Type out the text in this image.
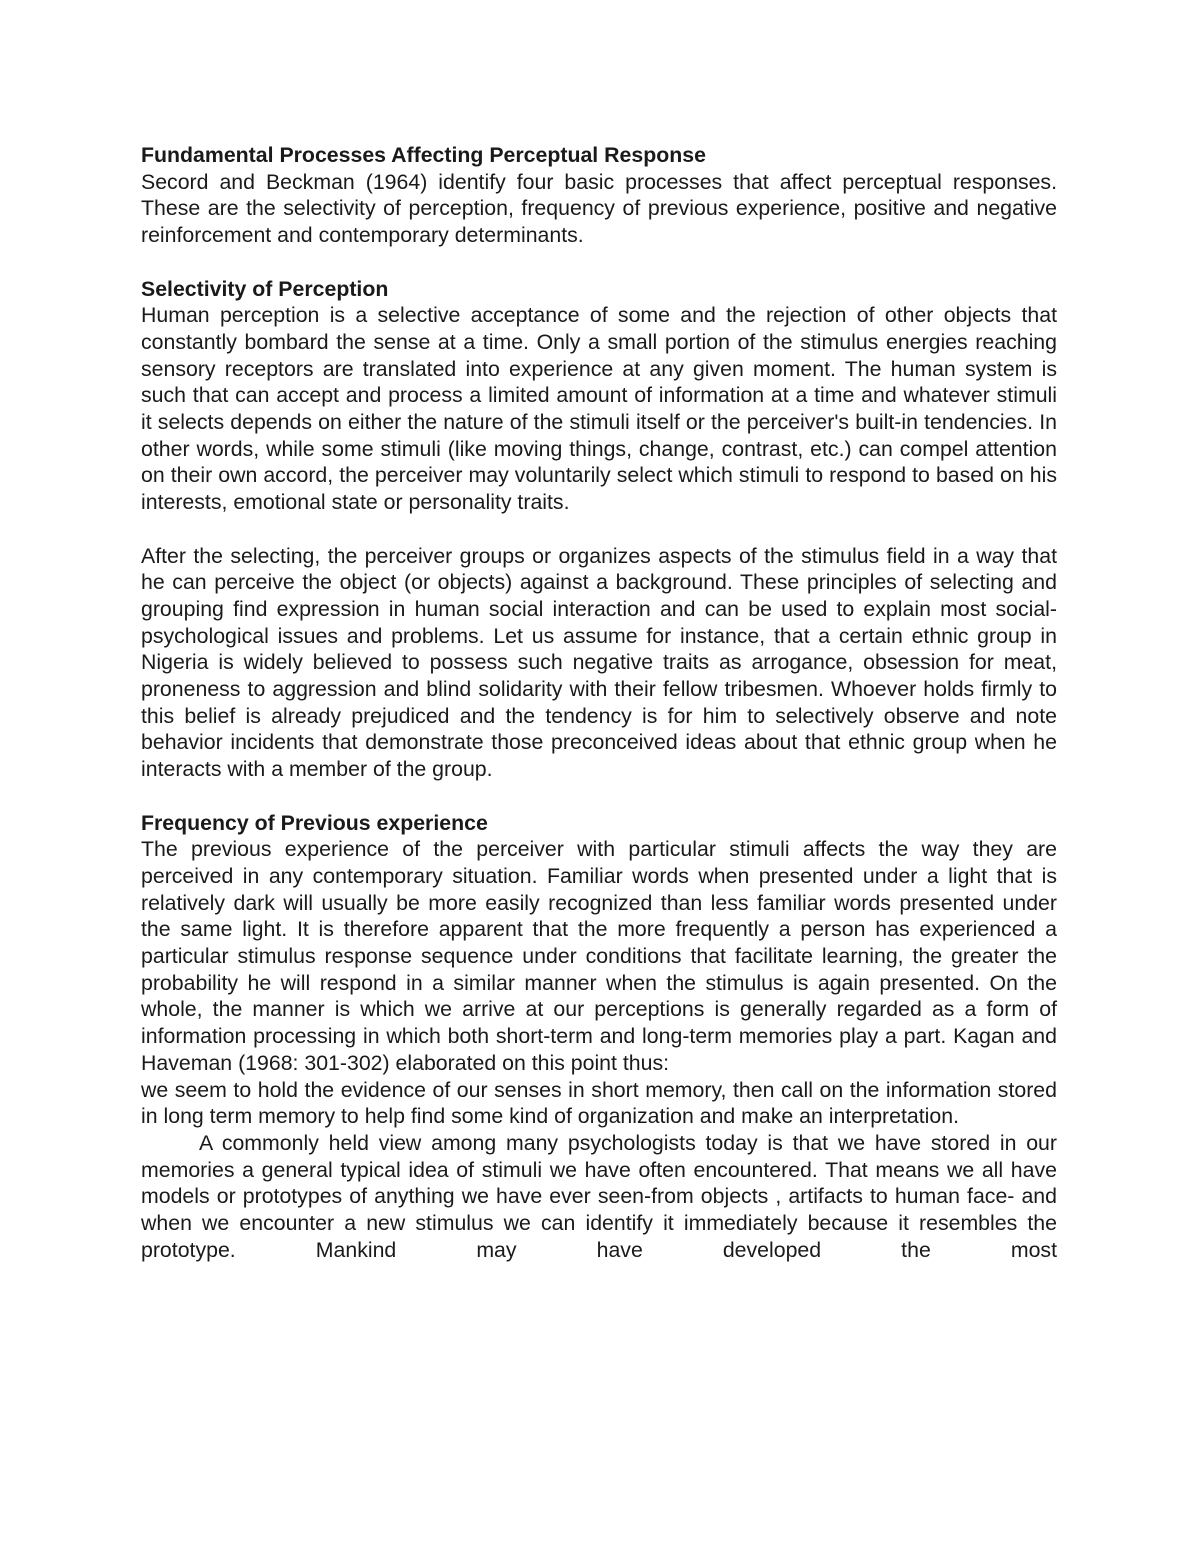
Fundamental Processes Affecting Perceptual Response

Secord and Beckman (1964) identify four basic processes that affect perceptual responses. These are the selectivity of perception, frequency of previous experience, positive and negative reinforcement and contemporary determinants.

Selectivity of Perception

Human perception is a selective acceptance of some and the rejection of other objects that constantly bombard the sense at a time. Only a small portion of the stimulus energies reaching sensory receptors are translated into experience at any given moment. The human system is such that can accept and process a limited amount of information at a time and whatever stimuli it selects depends on either the nature of the stimuli itself or the perceiver's built-in tendencies. In other words, while some stimuli (like moving things, change, contrast, etc.) can compel attention on their own accord, the perceiver may voluntarily select which stimuli to respond to based on his interests, emotional state or personality traits.

After the selecting, the perceiver groups or organizes aspects of the stimulus field in a way that he can perceive the object (or objects) against a background. These principles of selecting and grouping find expression in human social interaction and can be used to explain most social-psychological issues and problems. Let us assume for instance, that a certain ethnic group in Nigeria is widely believed to possess such negative traits as arrogance, obsession for meat, proneness to aggression and blind solidarity with their fellow tribesmen. Whoever holds firmly to this belief is already prejudiced and the tendency is for him to selectively observe and note behavior incidents that demonstrate those preconceived ideas about that ethnic group when he interacts with a member of the group.

Frequency of Previous experience

The previous experience of the perceiver with particular stimuli affects the way they are perceived in any contemporary situation. Familiar words when presented under a light that is relatively dark will usually be more easily recognized than less familiar words presented under the same light. It is therefore apparent that the more frequently a person has experienced a particular stimulus response sequence under conditions that facilitate learning, the greater the probability he will respond in a similar manner when the stimulus is again presented. On the whole, the manner is which we arrive at our perceptions is generally regarded as a form of information processing in which both short-term and long-term memories play a part. Kagan and Haveman (1968: 301-302) elaborated on this point thus:

we seem to hold the evidence of our senses in short memory, then call on the information stored in long term memory to help find some kind of organization and make an interpretation.

A commonly held view among many psychologists today is that we have stored in our memories a general typical idea of stimuli we have often encountered. That means we all have models or prototypes of anything we have ever seen-from objects , artifacts to human face- and when we encounter a new stimulus we can identify it immediately because it resembles the prototype. Mankind may have developed the most
